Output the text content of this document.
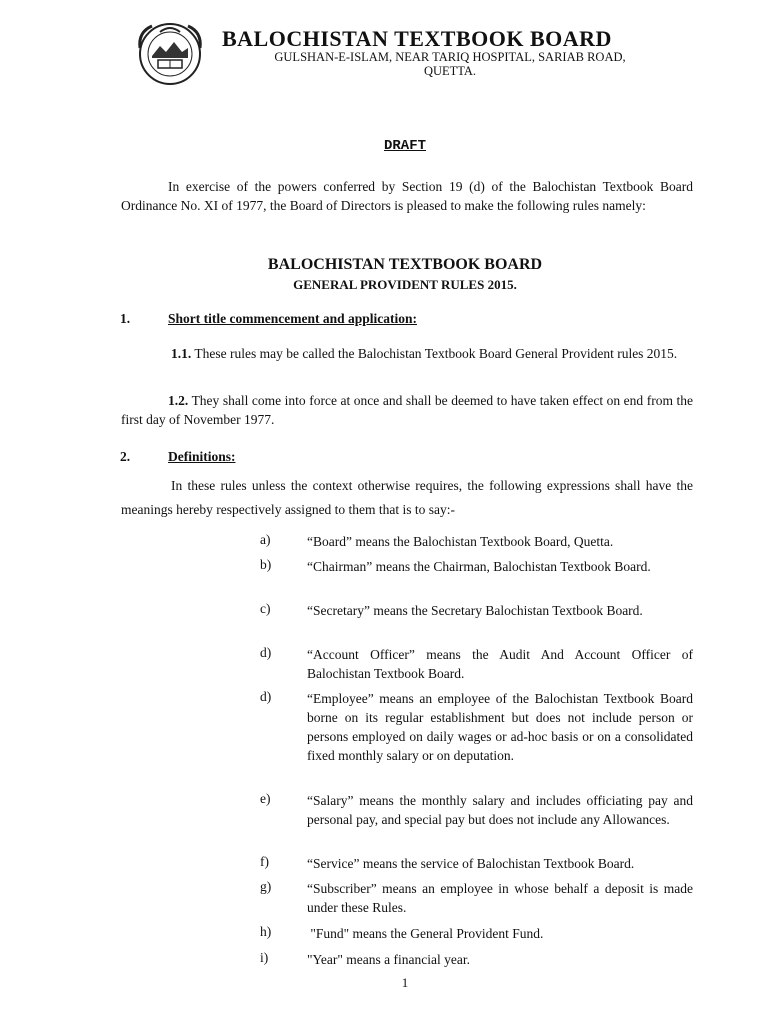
BALOCHISTAN TEXTBOOK BOARD
GULSHAN-E-ISLAM, NEAR TARIQ HOSPITAL, SARIAB ROAD,
QUETTA.
DRAFT
In exercise of the powers conferred by Section 19 (d) of the Balochistan Textbook Board Ordinance No. XI of 1977, the Board of Directors is pleased to make the following rules namely:
BALOCHISTAN TEXTBOOK BOARD
GENERAL PROVIDENT RULES 2015.
1.	Short title commencement and application:
1.1. These rules may be called the Balochistan Textbook Board General Provident rules 2015.
1.2. They shall come into force at once and shall be deemed to have taken effect on end from the first day of November 1977.
2.	Definitions:
In these rules unless the context otherwise requires, the following expressions shall have the meanings hereby respectively assigned to them that is to say:-
a)	“Board” means the Balochistan Textbook Board, Quetta.
b)	“Chairman” means the Chairman, Balochistan Textbook Board.
c)	“Secretary” means the Secretary Balochistan Textbook Board.
d)	“Account Officer” means the Audit And Account Officer of Balochistan Textbook Board.
d)	“Employee” means an employee of the Balochistan Textbook Board borne on its regular establishment but does not include person or persons employed on daily wages or ad-hoc basis or on a consolidated fixed monthly salary or on deputation.
e)	“Salary” means the monthly salary and includes officiating pay and personal pay, and special pay but does not include any Allowances.
f)	“Service” means the service of Balochistan Textbook Board.
g)	“Subscriber” means an employee in whose behalf a deposit is made under these Rules.
h)	"Fund" means the General Provident Fund.
i)	"Year" means a financial year.
1
